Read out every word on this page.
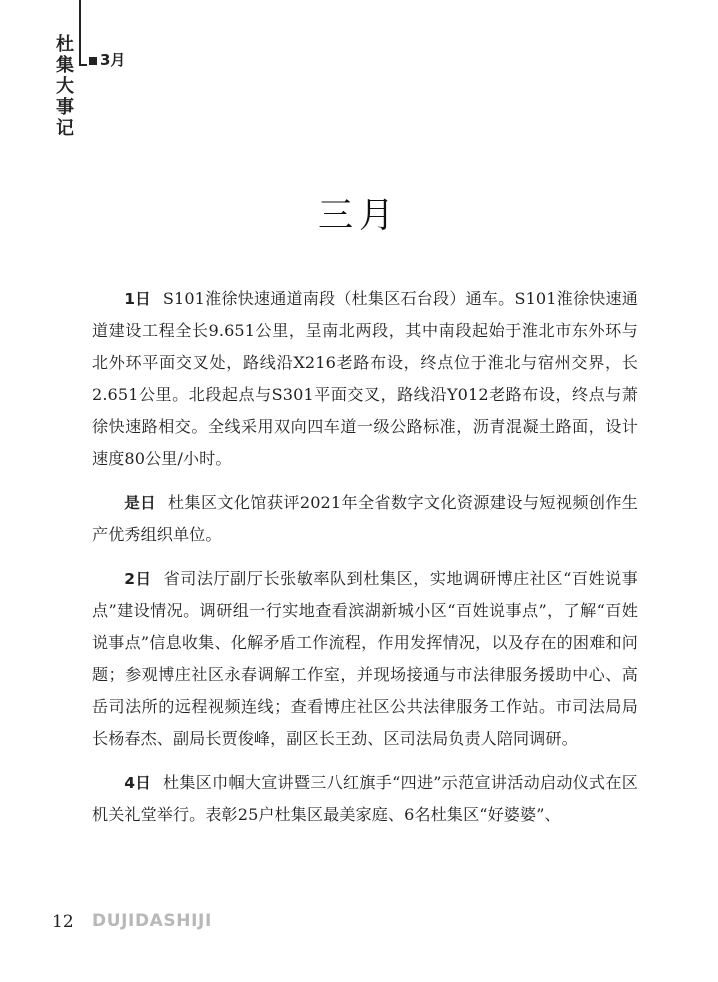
杜集大事记
3月
三月

1日 S101淮徐快速通道南段（杜集区石台段）通车。S101淮徐快速通道建设工程全长9.651公里，呈南北两段，其中南段起始于淮北市东外环与北外环平面交叉处，路线沿X216老路布设，终点位于淮北与宿州交界，长2.651公里。北段起点与S301平面交叉，路线沿Y012老路布设，终点与萧徐快速路相交。全线采用双向四车道一级公路标准，沥青混凝土路面，设计速度80公里/小时。

是日 杜集区文化馆获评2021年全省数字文化资源建设与短视频创作生产优秀组织单位。

2日 省司法厅副厅长张敏率队到杜集区，实地调研博庄社区“百姓说事点”建设情况。调研组一行实地查看滨湖新城小区“百姓说事点”，了解“百姓说事点”信息收集、化解矛盾工作流程，作用发挥情况，以及存在的困难和问题；参观博庄社区永春调解工作室，并现场接通与市法律服务援助中心、高岳司法所的远程视频连线；查看博庄社区公共法律服务工作站。市司法局局长杨春杰、副局长贾俊峰，副区长王劲、区司法局负责人陪同调研。

4日 杜集区巾帼大宣讲暨三八红旗手“四进”示范宣讲活动启动仪式在区机关礼堂举行。表彰25户杜集区最美家庭、6名杜集区“好婆婆”、

12 DUJIDASHIJI
